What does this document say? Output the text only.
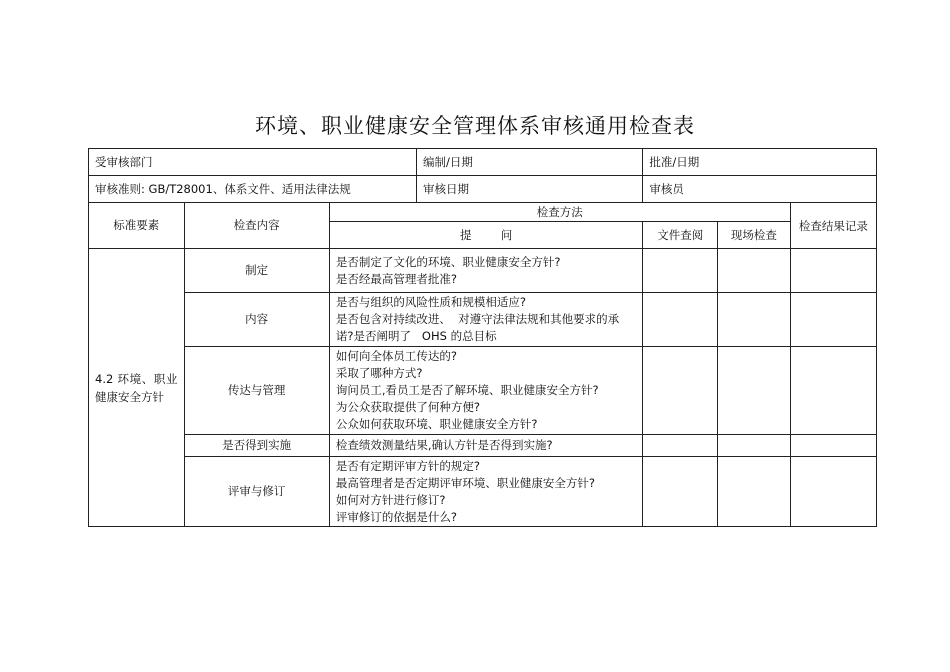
环境、职业健康安全管理体系审核通用检查表
受审核部门			编制/日期	批准/日期		
审核准则: GB/T28001、体系文件、适用法律法规			审核日期	审核员		
标准要素	检查内容	检查方法				检查结果记录
		提        问		文件查阅	现场检查	
4.2 环境、职业健康安全方针	制定	是否制定了文化的环境、职业健康安全方针?
是否经最高管理者批准?				

	内容	是否与组织的风险性质和规模相适应?
是否包含对持续改进、  对遵守法律法规和其他要求的承
诺?是否阐明了   OHS 的总目标				

	传达与管理	如何向全体员工传达的?
采取了哪种方式?
询问员工,看员工是否了解环境、职业健康安全方针?
为公众获取提供了何种方便?
公众如何获取环境、职业健康安全方针?				

	是否得到实施	检查绩效测量结果,确认方针是否得到实施?				

	评审与修订	是否有定期评审方针的规定?
最高管理者是否定期评审环境、职业健康安全方针?
如何对方针进行修订?
评审修订的依据是什么?				
